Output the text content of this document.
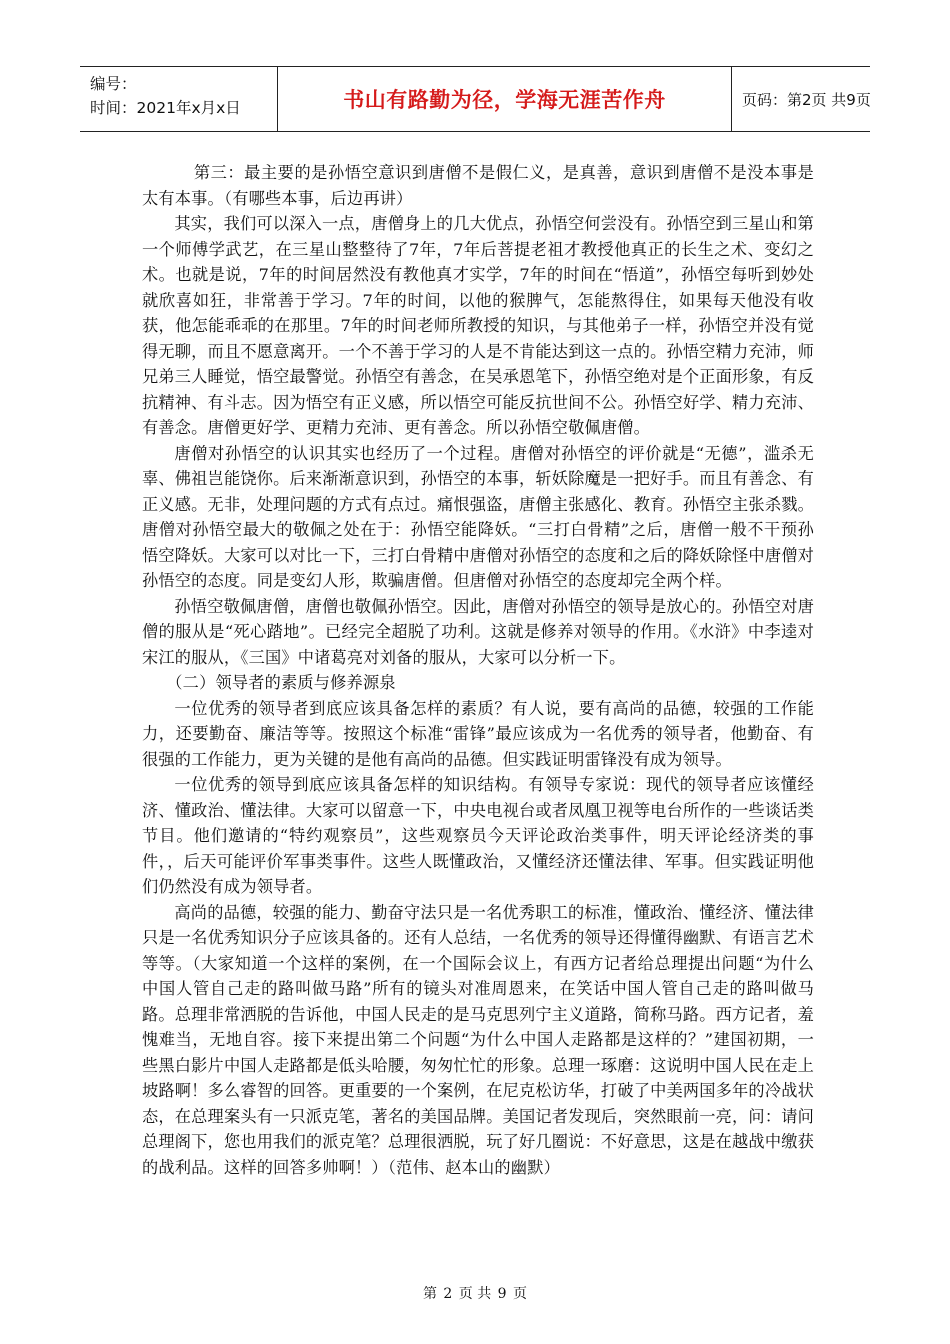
编号：
时间：2021年x月x日	书山有路勤为径，学海无涯苦作舟	页码：第2页 共9页

第三：最主要的是孙悟空意识到唐僧不是假仁义，是真善，意识到唐僧不是没本事是太有本事。（有哪些本事，后边再讲）

其实，我们可以深入一点，唐僧身上的几大优点，孙悟空何尝没有。孙悟空到三星山和第一个师傅学武艺，在三星山整整待了7年，7年后菩提老祖才教授他真正的长生之术、变幻之术。也就是说，7年的时间居然没有教他真才实学，7年的时间在“悟道”，孙悟空每听到妙处就欣喜如狂，非常善于学习。7年的时间，以他的猴脾气，怎能熬得住，如果每天他没有收获，他怎能乖乖的在那里。7年的时间老师所教授的知识，与其他弟子一样，孙悟空并没有觉得无聊，而且不愿意离开。一个不善于学习的人是不肯能达到这一点的。孙悟空精力充沛，师兄弟三人睡觉，悟空最警觉。孙悟空有善念，在吴承恩笔下，孙悟空绝对是个正面形象，有反抗精神、有斗志。因为悟空有正义感，所以悟空可能反抗世间不公。孙悟空好学、精力充沛、有善念。唐僧更好学、更精力充沛、更有善念。所以孙悟空敬佩唐僧。

唐僧对孙悟空的认识其实也经历了一个过程。唐僧对孙悟空的评价就是“无德”，滥杀无辜、佛祖岂能饶你。后来渐渐意识到，孙悟空的本事，斩妖除魔是一把好手。而且有善念、有正义感。无非，处理问题的方式有点过。痛恨强盗，唐僧主张感化、教育。孙悟空主张杀戮。唐僧对孙悟空最大的敬佩之处在于：孙悟空能降妖。“三打白骨精”之后，唐僧一般不干预孙悟空降妖。大家可以对比一下，三打白骨精中唐僧对孙悟空的态度和之后的降妖除怪中唐僧对孙悟空的态度。同是变幻人形，欺骗唐僧。但唐僧对孙悟空的态度却完全两个样。

孙悟空敬佩唐僧，唐僧也敬佩孙悟空。因此，唐僧对孙悟空的领导是放心的。孙悟空对唐僧的服从是“死心踏地”。已经完全超脱了功利。这就是修养对领导的作用。《水浒》中李逵对宋江的服从，《三国》中诸葛亮对刘备的服从，大家可以分析一下。

（二）领导者的素质与修养源泉

一位优秀的领导者到底应该具备怎样的素质？有人说，要有高尚的品德，较强的工作能力，还要勤奋、廉洁等等。按照这个标准“雷锋”最应该成为一名优秀的领导者，他勤奋、有很强的工作能力，更为关键的是他有高尚的品德。但实践证明雷锋没有成为领导。

一位优秀的领导到底应该具备怎样的知识结构。有领导专家说：现代的领导者应该懂经济、懂政治、懂法律。大家可以留意一下，中央电视台或者凤凰卫视等电台所作的一些谈话类节目。他们邀请的“特约观察员”，这些观察员今天评论政治类事件，明天评论经济类的事件，，后天可能评价军事类事件。这些人既懂政治，又懂经济还懂法律、军事。但实践证明他们仍然没有成为领导者。

高尚的品德，较强的能力、勤奋守法只是一名优秀职工的标准，懂政治、懂经济、懂法律只是一名优秀知识分子应该具备的。还有人总结，一名优秀的领导还得懂得幽默、有语言艺术等等。（大家知道一个这样的案例，在一个国际会议上，有西方记者给总理提出问题“为什么中国人管自己走的路叫做马路”所有的镜头对准周恩来，在笑话中国人管自己走的路叫做马路。总理非常洒脱的告诉他，中国人民走的是马克思列宁主义道路，简称马路。西方记者，羞愧难当，无地自容。接下来提出第二个问题“为什么中国人走路都是这样的？”建国初期，一些黑白影片中国人走路都是低头哈腰，匆匆忙忙的形象。总理一琢磨：这说明中国人民在走上坡路啊！多么睿智的回答。更重要的一个案例，在尼克松访华，打破了中美两国多年的冷战状态，在总理案头有一只派克笔，著名的美国品牌。美国记者发现后，突然眼前一亮，问：请问总理阁下，您也用我们的派克笔？总理很洒脱，玩了好几圈说：不好意思，这是在越战中缴获的战利品。这样的回答多帅啊！）（范伟、赵本山的幽默）

第 2 页 共 9 页
